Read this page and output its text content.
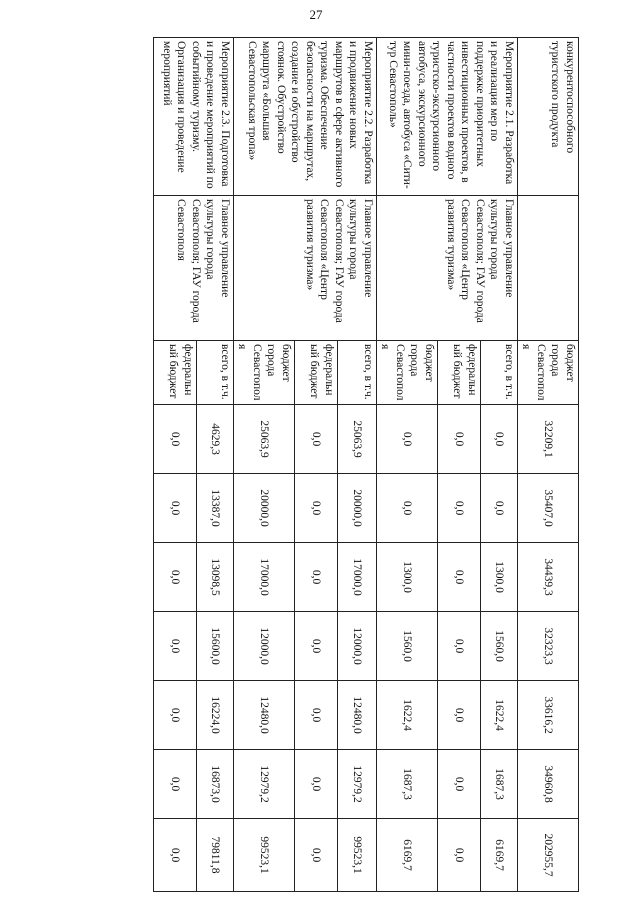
27
конкурентоспособного туристского продукта		бюджет города Севастополя	32209,1	35407,0	34439,3	32323,3	33616,2	34960,8	202955,7
Мероприятие 2.1. Разработка и реализация мер по поддержке приоритетных инвестиционных проектов, в частности проектов водного туристско-экскурсионного автобуса, экскурсионного мини-поезда, автобуса «Сити-тур Севастополь»	Главное управление культуры города Севастополя; ГАУ города Севастополя «Центр развития туризма»	всего, в т.ч.	0,0	0,0	1300,0	1560,0	1622,4	1687,3	6169,7
		федеральный бюджет	0,0	0,0	0,0	0,0	0,0	0,0	0,0
		бюджет города Севастополя	0,0	0,0	1300,0	1560,0	1622,4	1687,3	6169,7
Мероприятие 2.2. Разработка и продвижение новых маршрутов в сфере активного туризма. Обеспечение безопасности на маршрутах, создание и обустройство стоянок. Обустройство маршрута «Большая Севастопольская тропа»	Главное управление культуры города Севастополя; ГАУ города Севастополя «Центр развития туризма»	всего, в т.ч.	25063,9	20000,0	17000,0	12000,0	12480,0	12979,2	99523,1
		федеральный бюджет	0,0	0,0	0,0	0,0	0,0	0,0	0,0
		бюджет города Севастополя	25063,9	20000,0	17000,0	12000,0	12480,0	12979,2	99523,1
Мероприятие 2.3. Подготовка и проведение мероприятий по событийному туризму. Организация и проведение мероприятий	Главное управление культуры города Севастополя; ГАУ города Севастополя	всего, в т.ч.	4629,3	13387,0	13098,5	15600,0	16224,0	16873,0	79811,8
		федеральный бюджет	0,0	0,0	0,0	0,0	0,0	0,0	0,0
